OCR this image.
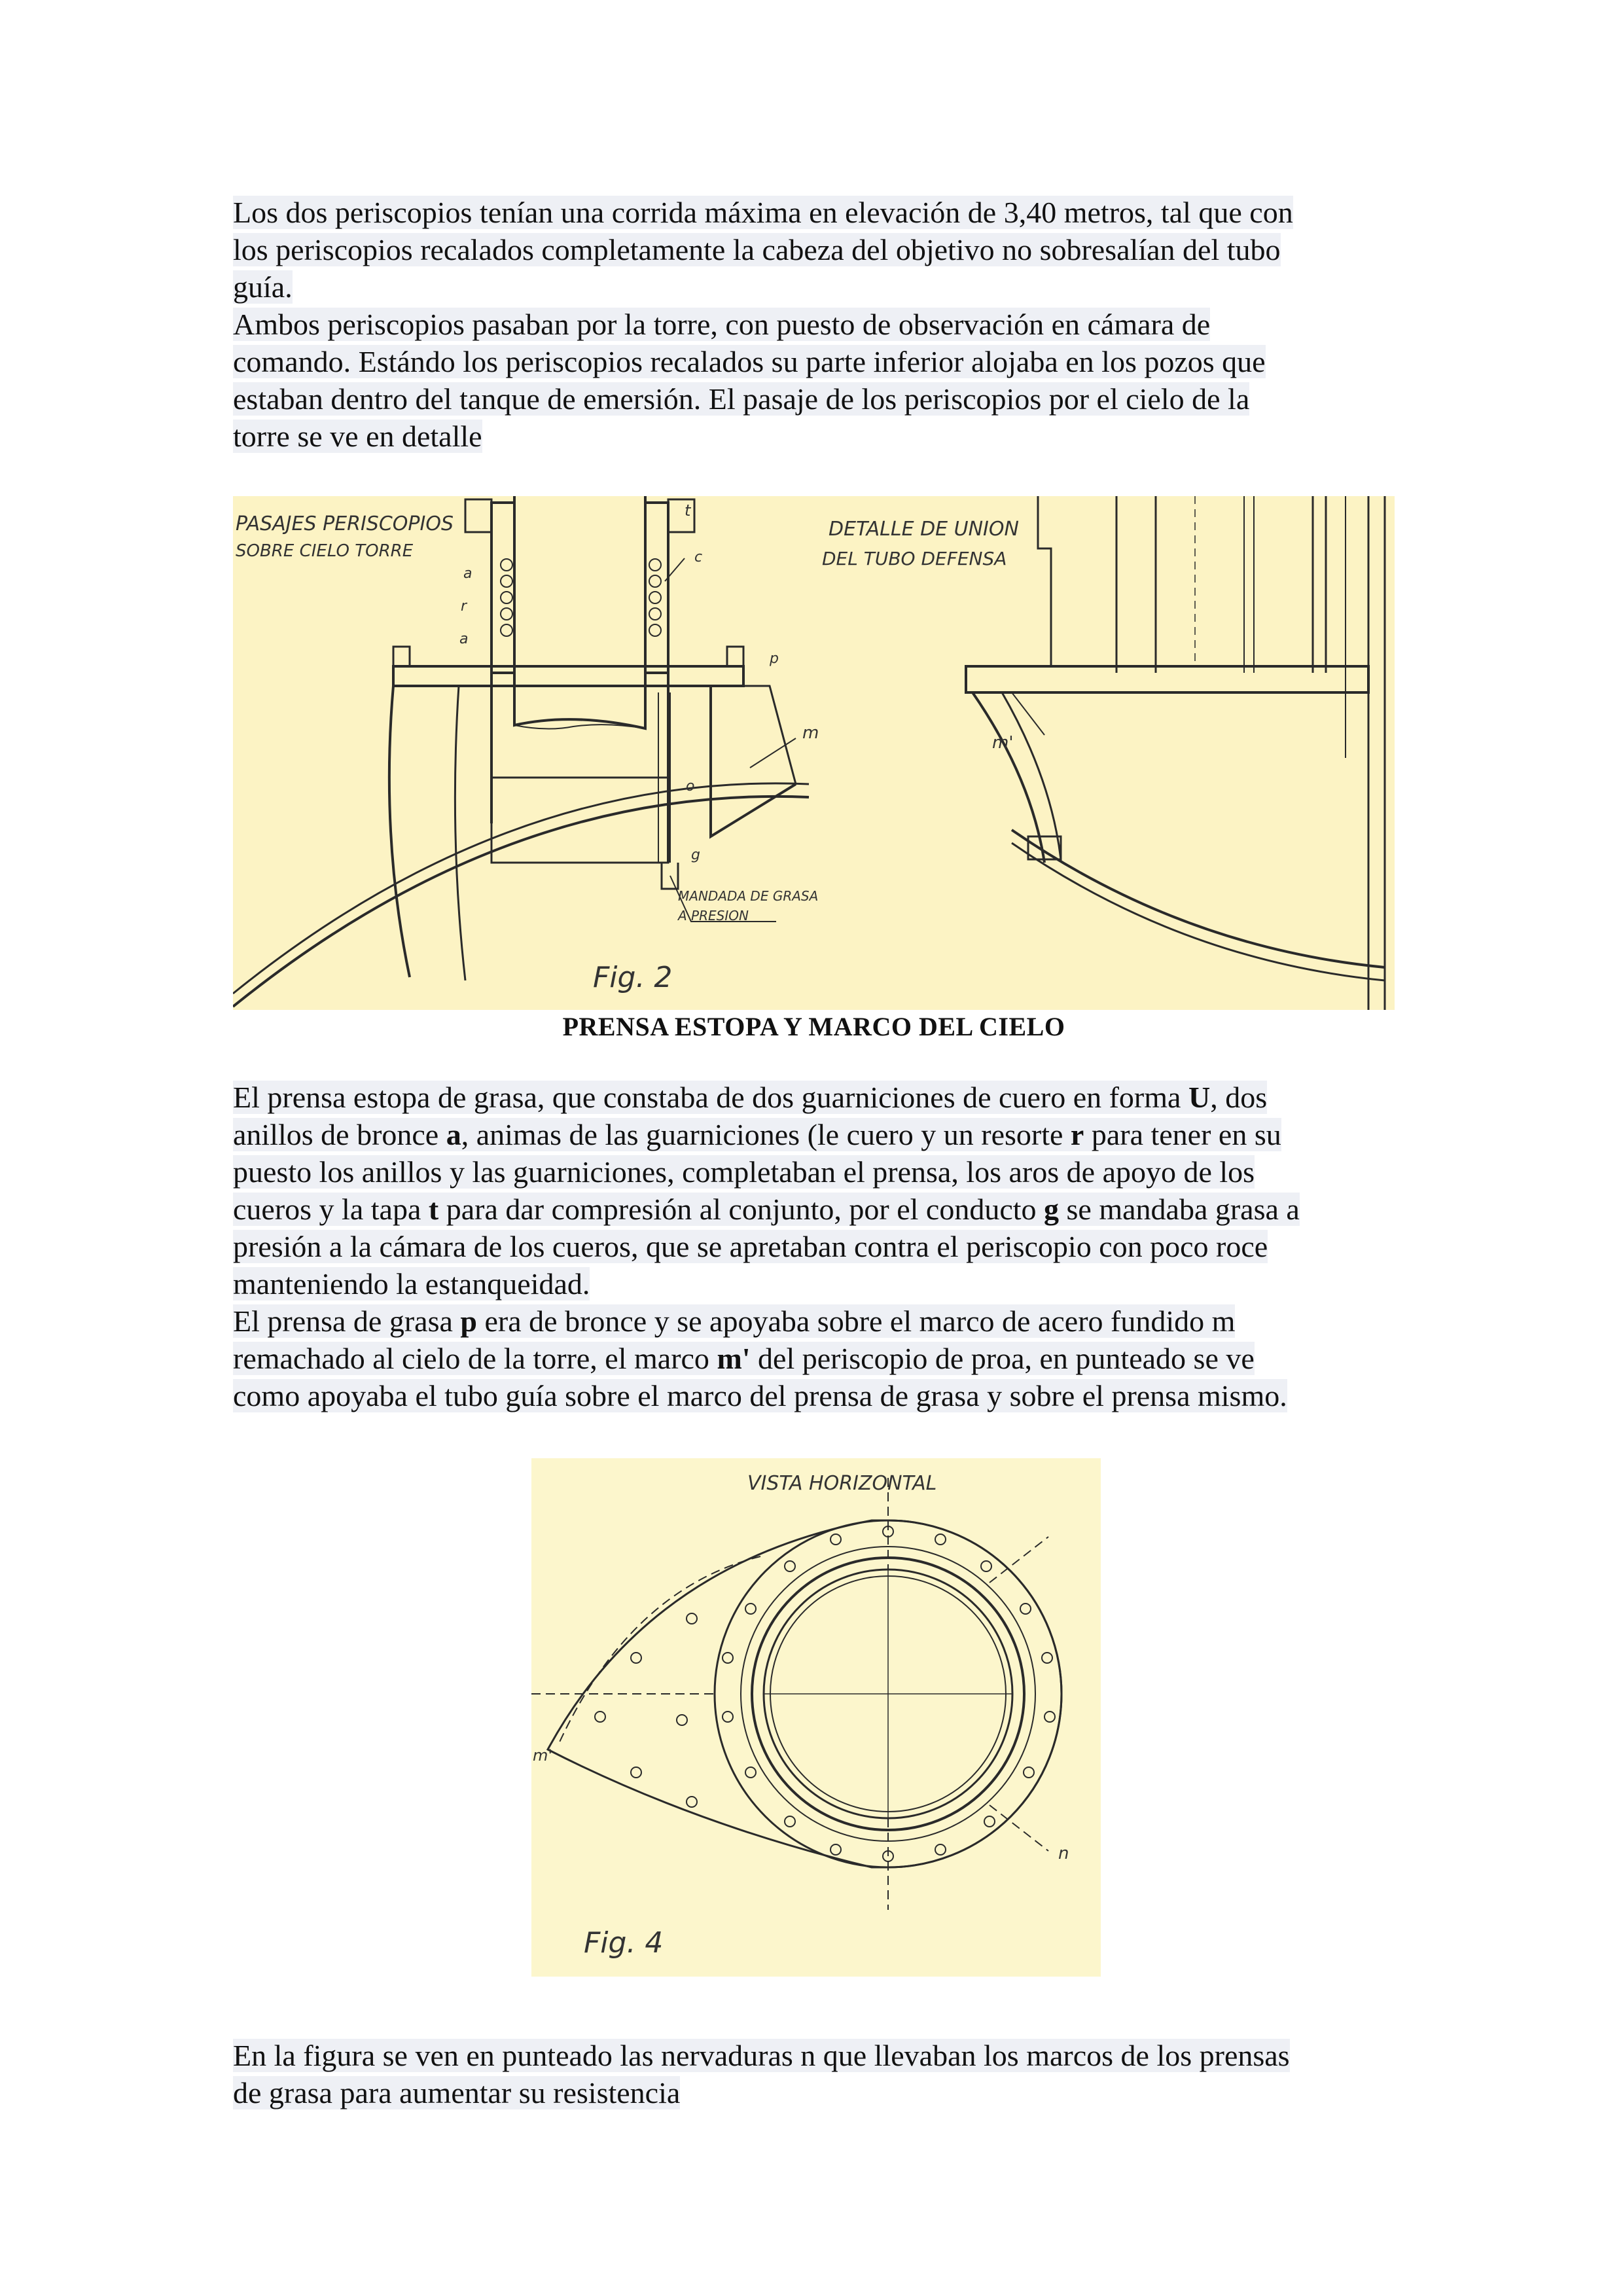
Los dos periscopios tenían una corrida máxima en elevación de 3,40 metros, tal que con
los periscopios recalados completamente la cabeza del objetivo no sobresalían del tubo
guía.
Ambos periscopios pasaban por la torre, con puesto de observación en cámara de
comando. Estándo los periscopios recalados su parte inferior alojaba en los pozos que
estaban dentro del tanque de emersión. El pasaje de los periscopios por el cielo de la
torre se ve en detalle

PASAJES PERISCOPIOS
SOBRE CIELO TORRE
DETALLE DE UNION
DEL TUBO DEFENSA
MANDADA DE GRASA
A PRESION
Fig. 2
t
a
r
a
c
p
m
o
g
m'
PRENSA ESTOPA Y MARCO DEL CIELO

El prensa estopa de grasa, que constaba de dos guarniciones de cuero en forma U, dos
anillos de bronce a, animas de las guarniciones (le cuero y un resorte r para tener en su
puesto los anillos y las guarniciones, completaban el prensa, los aros de apoyo de los
cueros y la tapa t para dar compresión al conjunto, por el conducto g se mandaba grasa a
presión a la cámara de los cueros, que se apretaban contra el periscopio con poco roce
manteniendo la estanqueidad.
El prensa de grasa p era de bronce y se apoyaba sobre el marco de acero fundido m
remachado al cielo de la torre, el marco m' del periscopio de proa, en punteado se ve
como apoyaba el tubo guía sobre el marco del prensa de grasa y sobre el prensa mismo.

VISTA HORIZONTAL
Fig. 4
m'
n

En la figura se ven en punteado las nervaduras n que llevaban los marcos de los prensas
de grasa para aumentar su resistencia
